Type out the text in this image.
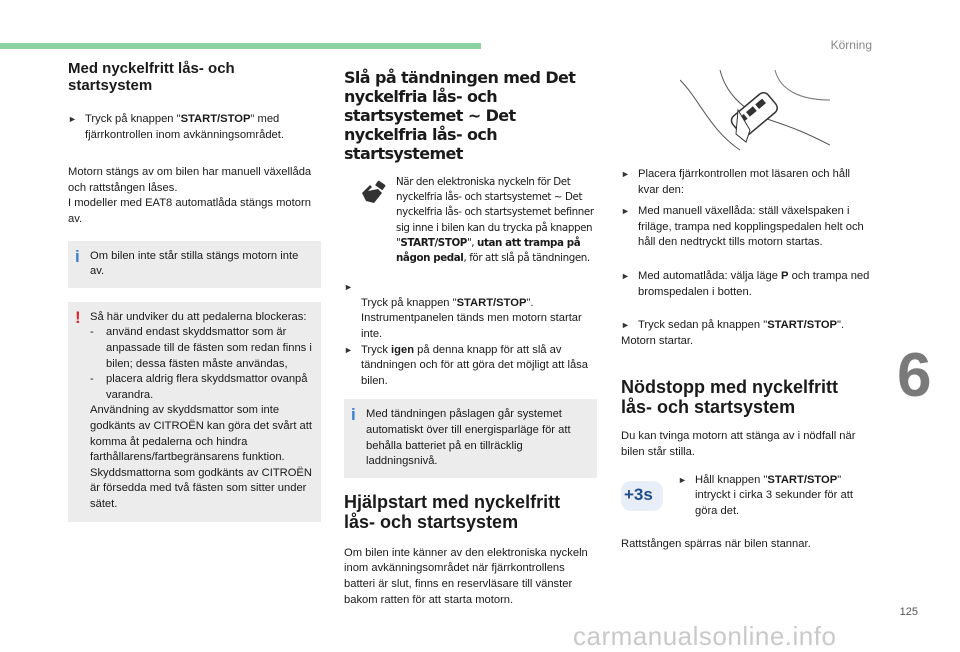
Körning
6
125
carmanualsonline.info
Med nyckelfritt lås- och startsystem
► Tryck på knappen "START/STOP" med fjärrkontrollen inom avkänningsområdet.

Motorn stängs av om bilen har manuell växellåda och rattstången låses.
I modeller med EAT8 automatlåda stängs motorn av.

i Om bilen inte står stilla stängs motorn inte av.

! Så här undviker du att pedalerna blockeras:

- använd endast skyddsmattor som är anpassade till de fästen som redan finns i bilen; dessa fästen måste användas,
- placera aldrig flera skyddsmattor ovanpå varandra.

Användning av skyddsmattor som inte godkänts av CITROËN kan göra det svårt att komma åt pedalerna och hindra farthållarens/fartbegränsarens funktion.
Skyddsmattorna som godkänts av CITROËN är försedda med två fästen som sitter under sätet.

Slå på tändningen med Det nyckelfria lås- och startsystemet ~ Det nyckelfria lås- och startsystemet
När den elektroniska nyckeln för Det nyckelfria lås- och startsystemet ~ Det nyckelfria lås- och startsystemet befinner sig inne i bilen kan du trycka på knappen "START/STOP", utan att trampa på någon pedal, för att slå på tändningen.

►
Tryck på knappen "START/STOP".
Instrumentpanelen tänds men motorn startar inte.

► Tryck igen på denna knapp för att slå av tändningen och för att göra det möjligt att låsa bilen.
i Med tändningen påslagen går systemet automatiskt över till energisparläge för att behålla batteriet på en tillräcklig laddningsnivå.

Hjälpstart med nyckelfritt lås- och startsystem

Om bilen inte känner av den elektroniska nyckeln inom avkänningsområdet när fjärrkontrollens batteri är slut, finns en reservläsare till vänster bakom ratten för att starta motorn.

► Placera fjärrkontrollen mot läsaren och håll kvar den:
► Med manuell växellåda: ställ växelspaken i friläge, trampa ned kopplingspedalen helt och håll den nedtryckt tills motorn startas.
► Med automatlåda: välja läge P och trampa ned bromspedalen i botten.
► Tryck sedan på knappen "START/STOP".

Motorn startar.

Nödstopp med nyckelfritt lås- och startsystem

Du kan tvinga motorn att stänga av i nödfall när bilen står stilla.

+3s
► Håll knappen "START/STOP" intryckt i cirka 3 sekunder för att göra det.

Rattstången spärras när bilen stannar.
